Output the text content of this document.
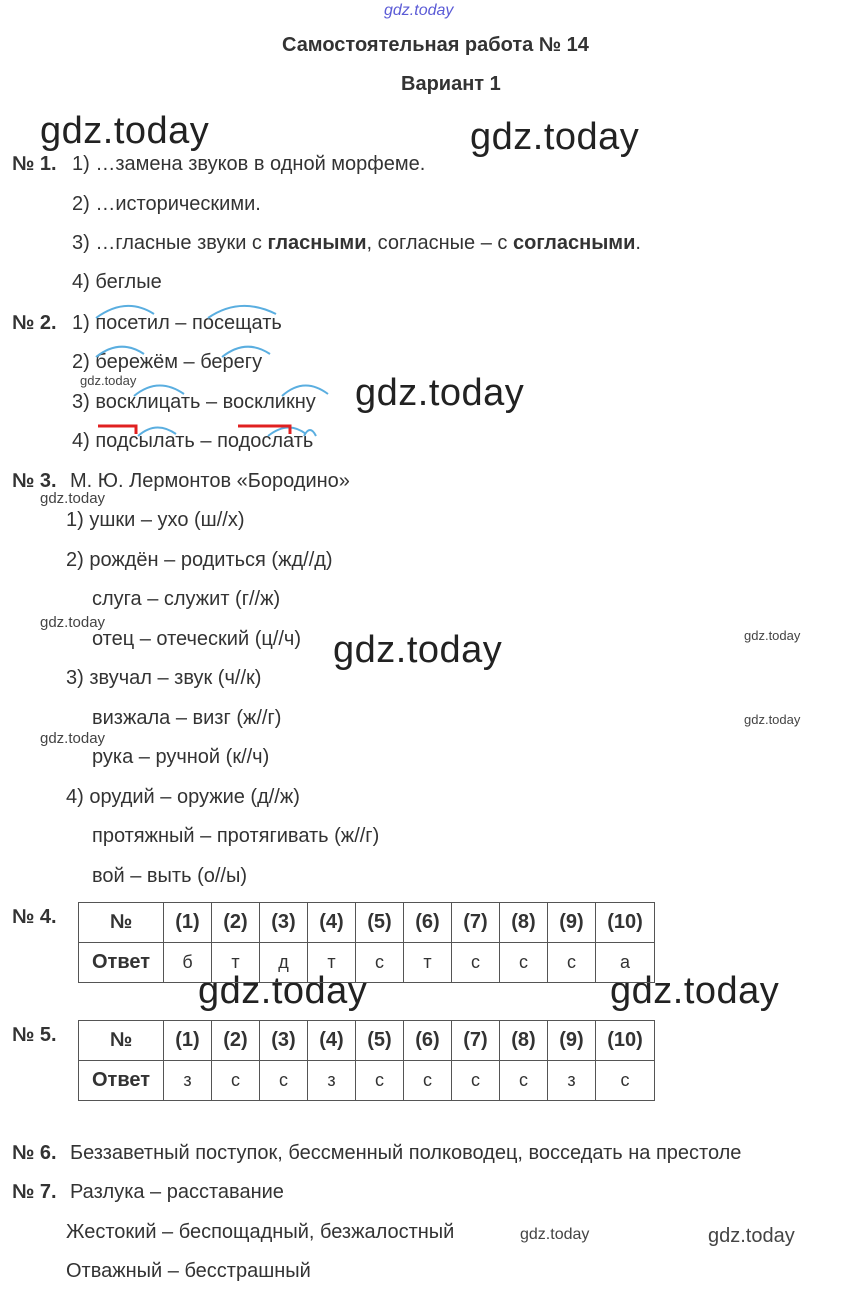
gdz.today
gdz.today	gdz.today
gdz.today	gdz.today
gdz.today
gdz.today
gdz.today	gdz.today
gdz.today
gdz.today
gdz.today	gdz.today
gdz.today	gdz.today
Самостоятельная работа № 14
Вариант 1
№ 1. 1) …замена звуков в одной морфеме.
2) …историческими.
3) …гласные звуки с гласными, согласные – с согласными.
4) беглые
№ 2. 1) посетил – посещать
2) бережём – берегу
3) восклицать – воскликну
4) подсылать – подослать
№ 3. М. Ю. Лермонтов «Бородино»
1) ушки – ухо (ш//х)
2) рождён – родиться (жд//д)
слуга – служит (г//ж)
отец – отеческий (ц//ч)
3) звучал – звук (ч//к)
визжала – визг (ж//г)
рука – ручной (к//ч)
4) орудий – оружие (д//ж)
протяжный – протягивать (ж//г)
вой – выть (о//ы)
№ 4.	№	(1)	(2)	(3)	(4)	(5)	(6)	(7)	(8)	(9)	(10)
Ответ	б	т	д	т	с	т	с	с	с	а
№ 5.	№	(1)	(2)	(3)	(4)	(5)	(6)	(7)	(8)	(9)	(10)
Ответ	з	с	с	з	с	с	с	с	з	с
№ 6. Беззаветный поступок, бессменный полководец, восседать на престоле
№ 7. Разлука – расставание
Жестокий – беспощадный, безжалостный
Отважный – бесстрашный
